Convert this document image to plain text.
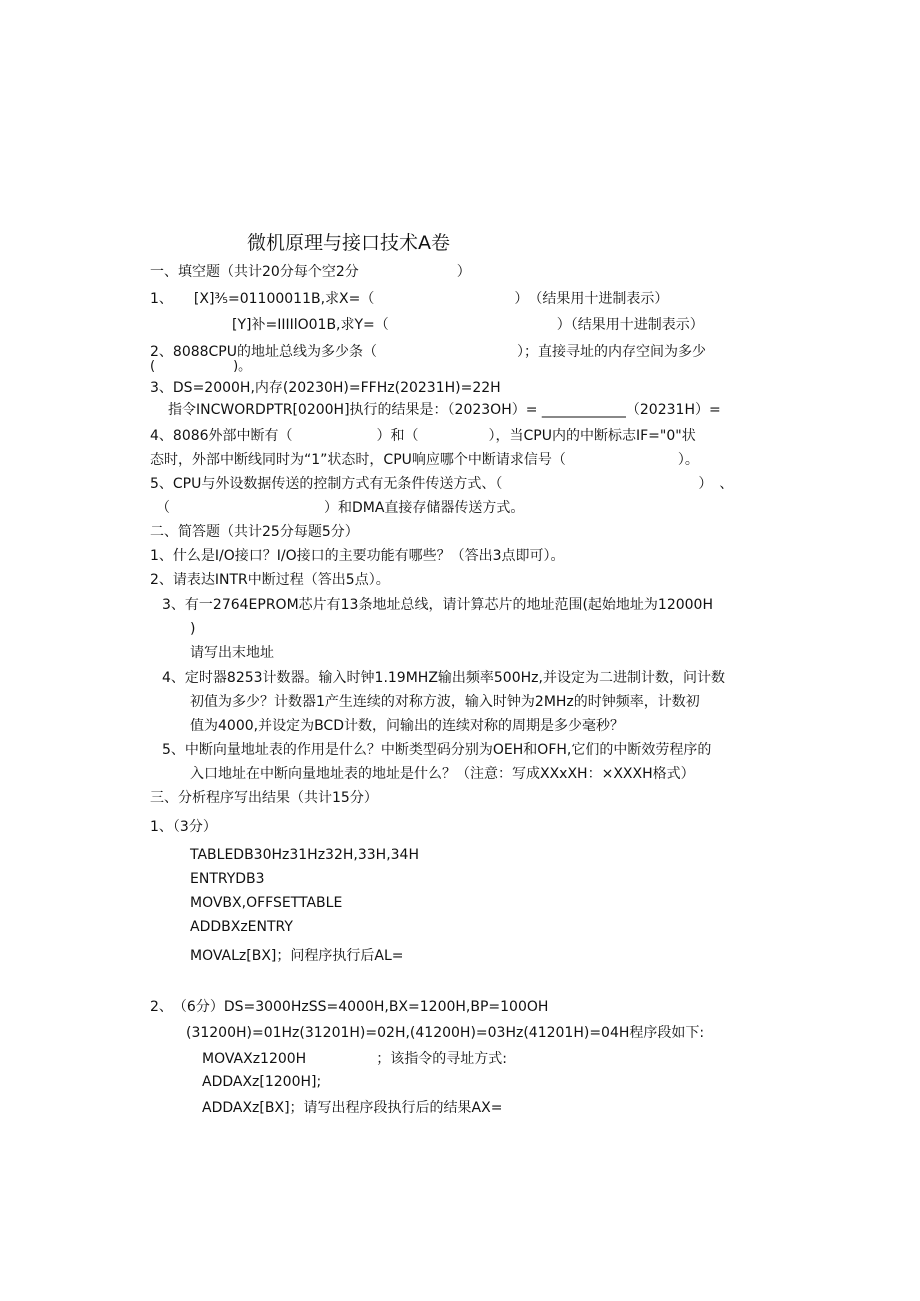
微机原理与接口技术A卷
一、填空题（共计20分每个空2分　　　　　　　）
1、　　[X]⅗=01100011B,求X=（　　　　　　　　　　）　（结果用十进制表示）
[Y]补=IIIIlO01B,求Y=（　　　　　　　　　　　　）（结果用十进制表示）
2、8088CPU的地址总线为多少条（　　　　　　　　　　）；直接寻址的内存空间为多少
(　　　　　　)。
3、DS=2000H,内存(20230H)=FFHz(20231H)=22H
指令INCWORDPTR[0200H]执行的结果是：（2023OH）= ____________（20231H）=
4、8086外部中断有（　　　　　　）和（　　　　　），当CPU内的中断标志IF="0"状
态时，外部中断线同时为“1”状态时，CPU响应哪个中断请求信号（　　　　　　　　）。
5、CPU与外设数据传送的控制方式有无条件传送方式、（　　　　　　　　　　　　　　）　、
（　　　　　　　　　　　）和DMA直接存储器传送方式。
二、简答题（共计25分每题5分）
1、什么是I/O接口？I/O接口的主要功能有哪些？（答出3点即可）。
2、请表达INTR中断过程（答出5点）。
3、有一2764EPROM芯片有13条地址总线，请计算芯片的地址范围(起始地址为12000H
)
请写出末地址
4、定时器8253计数器。输入时钟1.19MHZ输出频率500Hz,并设定为二进制计数，问计数
初值为多少？计数器1产生连续的对称方波，输入时钟为2MHz的时钟频率，计数初
值为4000,并设定为BCD计数，问输出的连续对称的周期是多少毫秒？
5、中断向量地址表的作用是什么？中断类型码分别为OEH和OFH,它们的中断效劳程序的
入口地址在中断向量地址表的地址是什么？（注意：写成XXxXH：×XXXH格式）
三、分析程序写出结果（共计15分）
1、（3分）
TABLEDB30Hz31Hz32H,33H,34H
ENTRYDB3
MOVBX,OFFSETTABLE
ADDBXzENTRY
MOVALz[BX]；问程序执行后AL=
2、　（6分）DS=3000HzSS=4000H,BX=1200H,BP=100OH
(31200H)=01Hz(31201H)=02H,(41200H)=03Hz(41201H)=04H程序段如下:
MOVAXz1200H　　　　　；该指令的寻址方式:
ADDAXz[1200H];
ADDAXz[BX]；请写出程序段执行后的结果AX=
